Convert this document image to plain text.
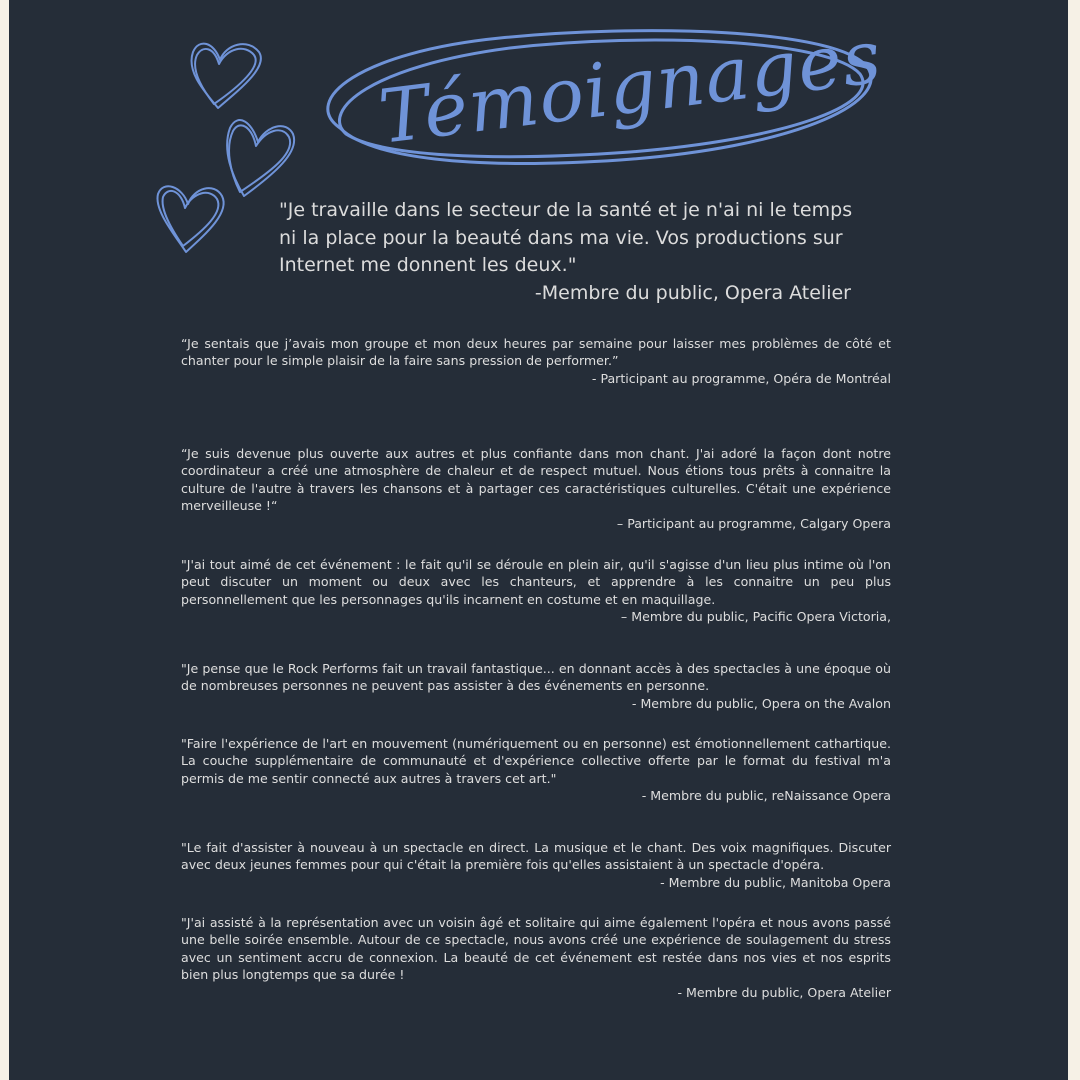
Témoignages

"Je travaille dans le secteur de la santé et je n'ai ni le temps ni la place pour la beauté dans ma vie. Vos productions sur Internet me donnent les deux."

-Membre du public, Opera Atelier

“Je sentais que j’avais mon groupe et mon deux heures par semaine pour laisser mes problèmes de côté et chanter pour le simple plaisir de la faire sans pression de performer.”

- Participant au programme, Opéra de Montréal

“Je suis devenue plus ouverte aux autres et plus confiante dans mon chant. J'ai adoré la façon dont notre coordinateur a créé une atmosphère de chaleur et de respect mutuel. Nous étions tous prêts à connaitre la culture de l'autre à travers les chansons et à partager ces caractéristiques culturelles. C'était une expérience merveilleuse !“

– Participant au programme, Calgary Opera

"J'ai tout aimé de cet événement : le fait qu'il se déroule en plein air, qu'il s'agisse d'un lieu plus intime où l'on peut discuter un moment ou deux avec les chanteurs, et apprendre à les connaitre un peu plus personnellement que les personnages qu'ils incarnent en costume et en maquillage.

– Membre du public, Pacific Opera Victoria,

"Je pense que le Rock Performs fait un travail fantastique... en donnant accès à des spectacles à une époque où de nombreuses personnes ne peuvent pas assister à des événements en personne.

- Membre du public, Opera on the Avalon

"Faire l'expérience de l'art en mouvement (numériquement ou en personne) est émotionnellement cathartique. La couche supplémentaire de communauté et d'expérience collective offerte par le format du festival m'a permis de me sentir connecté aux autres à travers cet art."

- Membre du public, reNaissance Opera

"Le fait d'assister à nouveau à un spectacle en direct. La musique et le chant. Des voix magnifiques. Discuter avec deux jeunes femmes pour qui c'était la première fois qu'elles assistaient à un spectacle d'opéra.

- Membre du public, Manitoba Opera

"J'ai assisté à la représentation avec un voisin âgé et solitaire qui aime également l'opéra et nous avons passé une belle soirée ensemble. Autour de ce spectacle, nous avons créé une expérience de soulagement du stress avec un sentiment accru de connexion. La beauté de cet événement est restée dans nos vies et nos esprits bien plus longtemps que sa durée !

- Membre du public, Opera Atelier
